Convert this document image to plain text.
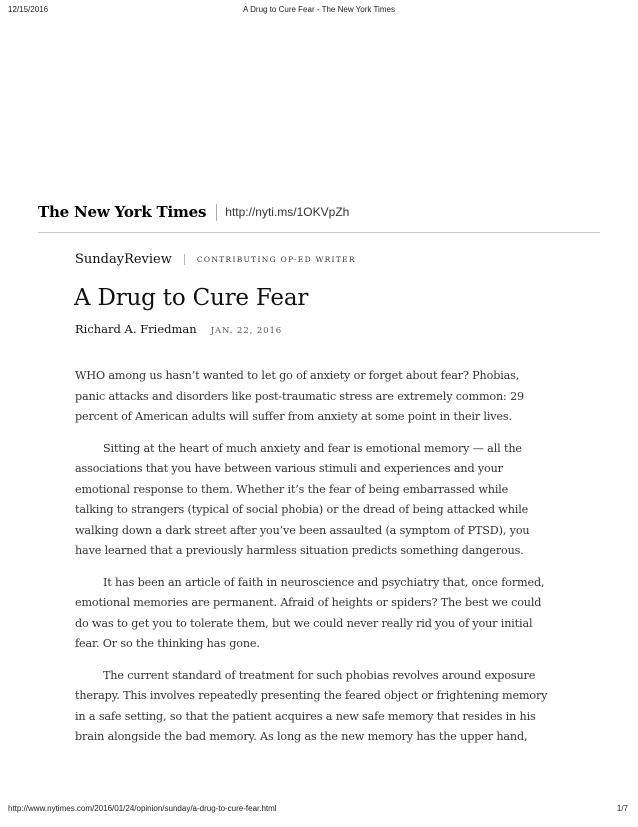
12/15/2016	A Drug to Cure Fear - The New York Times
The New York Times http://nyti.ms/1OKVpZh
SundayReview	CONTRIBUTING OP-ED WRITER
A Drug to Cure Fear
Richard A. Friedman JAN. 22, 2016

WHO among us hasn’t wanted to let go of anxiety or forget about fear? Phobias,
panic attacks and disorders like post-traumatic stress are extremely common: 29
percent of American adults will suffer from anxiety at some point in their lives.

Sitting at the heart of much anxiety and fear is emotional memory — all the
associations that you have between various stimuli and experiences and your
emotional response to them. Whether it’s the fear of being embarrassed while
talking to strangers (typical of social phobia) or the dread of being attacked while
walking down a dark street after you’ve been assaulted (a symptom of PTSD), you
have learned that a previously harmless situation predicts something dangerous.

It has been an article of faith in neuroscience and psychiatry that, once formed,
emotional memories are permanent. Afraid of heights or spiders? The best we could
do was to get you to tolerate them, but we could never really rid you of your initial
fear. Or so the thinking has gone.

The current standard of treatment for such phobias revolves around exposure
therapy. This involves repeatedly presenting the feared object or frightening memory
in a safe setting, so that the patient acquires a new safe memory that resides in his
brain alongside the bad memory. As long as the new memory has the upper hand,

http://www.nytimes.com/2016/01/24/opinion/sunday/a-drug-to-cure-fear.html	1/7
